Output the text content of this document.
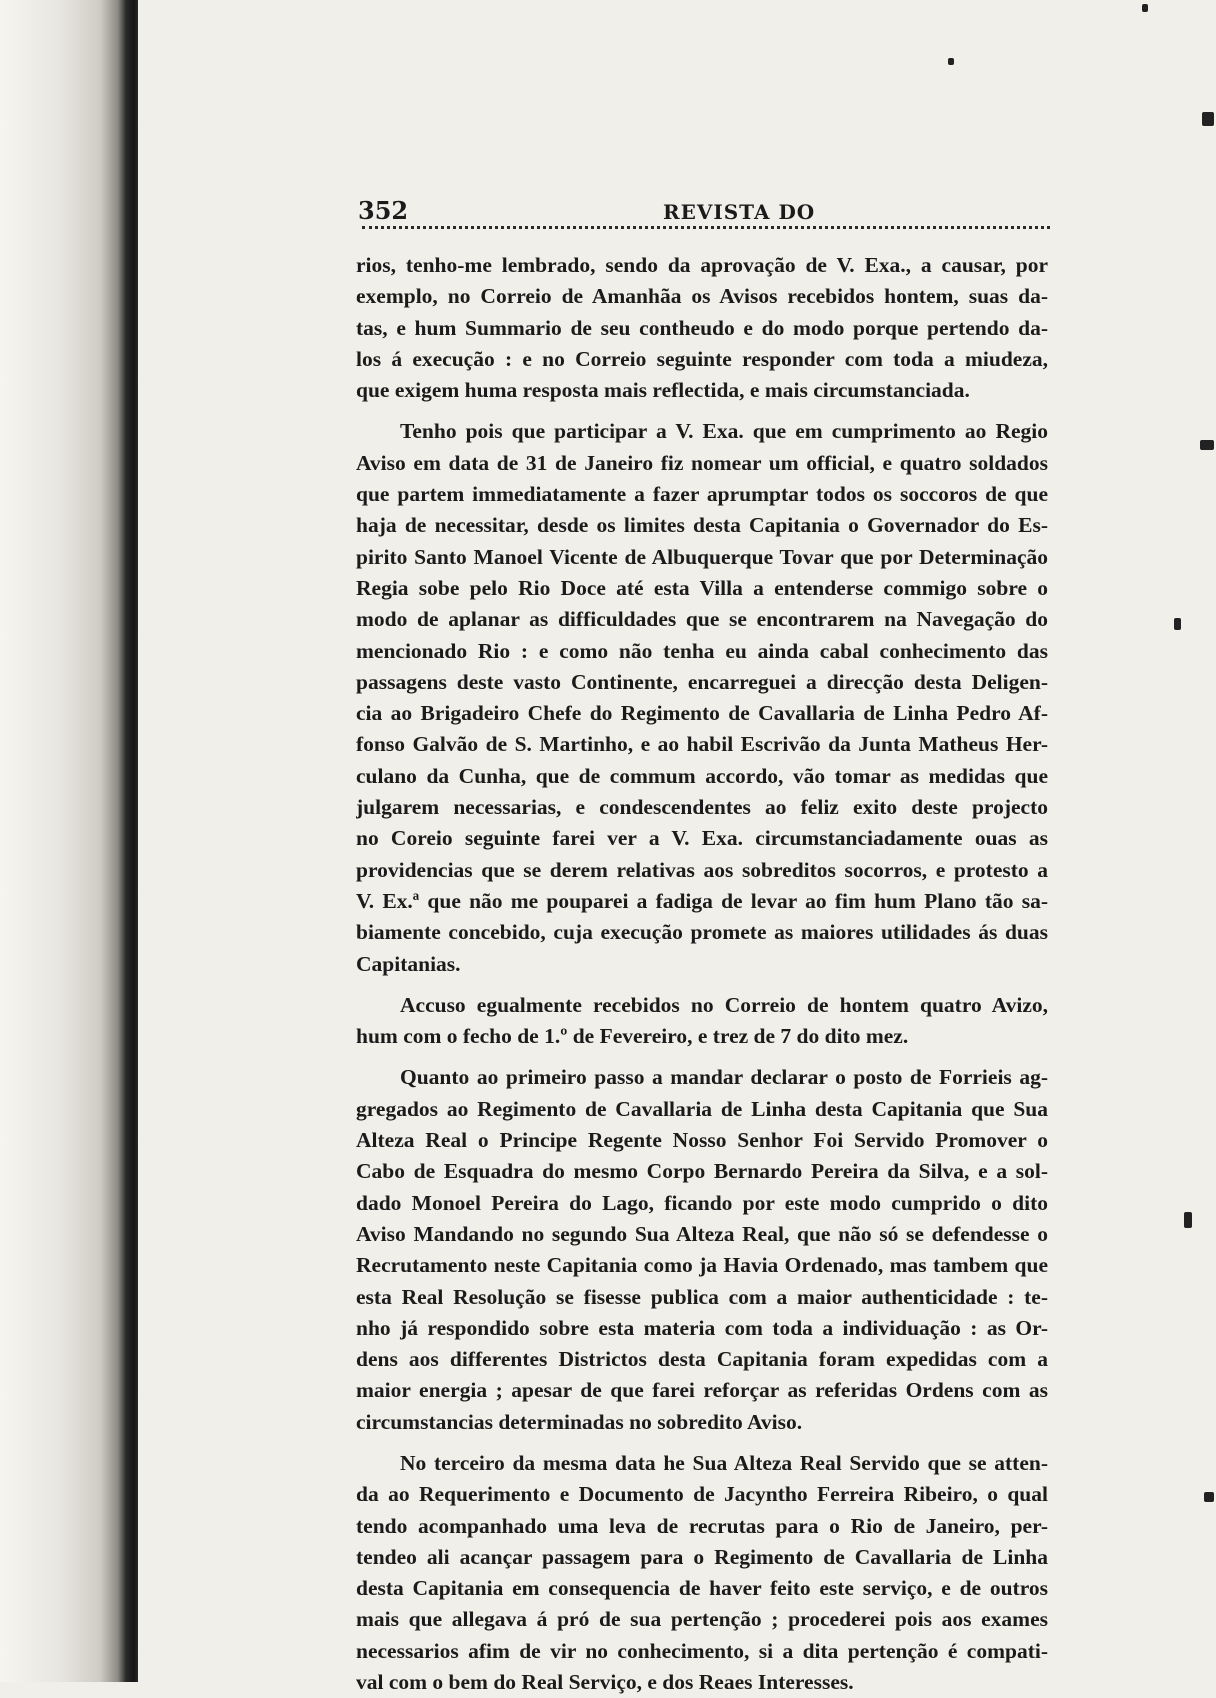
352	REVISTA DO
rios, tenho-me lembrado, sendo da aprovação de V. Exa., a causar, por
exemplo, no Correio de Amanhãa os Avisos recebidos hontem, suas da-
tas, e hum Summario de seu contheudo e do modo porque pertendo da-
los á execução : e no Correio seguinte responder com toda a miudeza,
que exigem huma resposta mais reflectida, e mais circumstanciada.
Tenho pois que participar a V. Exa. que em cumprimento ao Regio
Aviso em data de 31 de Janeiro fiz nomear um official, e quatro soldados
que partem immediatamente a fazer aprumptar todos os soccoros de que
haja de necessitar, desde os limites desta Capitania o Governador do Es-
pirito Santo Manoel Vicente de Albuquerque Tovar que por Determinação
Regia sobe pelo Rio Doce até esta Villa a entenderse commigo sobre o
modo de aplanar as difficuldades que se encontrarem na Navegação do
mencionado Rio : e como não tenha eu ainda cabal conhecimento das
passagens deste vasto Continente, encarreguei a direcção desta Deligen-
cia ao Brigadeiro Chefe do Regimento de Cavallaria de Linha Pedro Af-
fonso Galvão de S. Martinho, e ao habil Escrivão da Junta Matheus Her-
culano da Cunha, que de commum accordo, vão tomar as medidas que
julgarem necessarias, e condescendentes ao feliz exito deste projecto
no Coreio seguinte farei ver a V. Exa. circumstanciadamente ouas as
providencias que se derem relativas aos sobreditos socorros, e protesto a
V. Ex.ª que não me pouparei a fadiga de levar ao fim hum Plano tão sa-
biamente concebido, cuja execução promete as maiores utilidades ás duas
Capitanias.
Accuso egualmente recebidos no Correio de hontem quatro Avizo,
hum com o fecho de 1.º de Fevereiro, e trez de 7 do dito mez.
Quanto ao primeiro passo a mandar declarar o posto de Forrieis ag-
gregados ao Regimento de Cavallaria de Linha desta Capitania que Sua
Alteza Real o Principe Regente Nosso Senhor Foi Servido Promover o
Cabo de Esquadra do mesmo Corpo Bernardo Pereira da Silva, e a sol-
dado Monoel Pereira do Lago, ficando por este modo cumprido o dito
Aviso Mandando no segundo Sua Alteza Real, que não só se defendesse o
Recrutamento neste Capitania como ja Havia Ordenado, mas tambem que
esta Real Resolução se fisesse publica com a maior authenticidade : te-
nho já respondido sobre esta materia com toda a individuação : as Or-
dens aos differentes Districtos desta Capitania foram expedidas com a
maior energia ; apesar de que farei reforçar as referidas Ordens com as
circumstancias determinadas no sobredito Aviso.
No terceiro da mesma data he Sua Alteza Real Servido que se atten-
da ao Requerimento e Documento de Jacyntho Ferreira Ribeiro, o qual
tendo acompanhado uma leva de recrutas para o Rio de Janeiro, per-
tendeo ali acançar passagem para o Regimento de Cavallaria de Linha
desta Capitania em consequencia de haver feito este serviço, e de outros
mais que allegava á pró de sua pertenção ; procederei pois aos exames
necessarios afim de vir no conhecimento, si a dita pertenção é compati-
val com o bem do Real Serviço, e dos Reaes Interesses.
